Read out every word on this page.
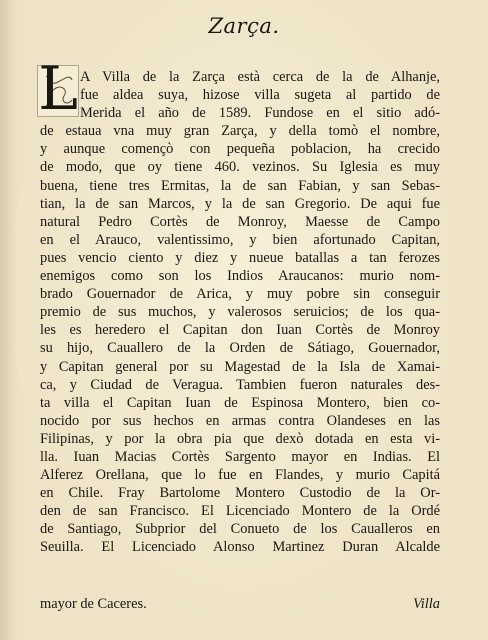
Zarça.
L A Villa de la Zarça està cerca de la de Alhanje,
fue aldea suya, hizose villa sugeta al partido de
Merida el año de 1589. Fundose en el sitio adó-
de estaua vna muy gran Zarça, y della tomò el nombre,
y aunque començò con pequeña poblacion, ha crecido
de modo, que oy tiene 460. vezinos. Su Iglesia es muy
buena, tiene tres Ermitas, la de san Fabian, y san Sebas-
tian, la de san Marcos, y la de san Gregorio. De aqui fue
natural Pedro Cortès de Monroy, Maesse de Campo
en el Arauco, valentissimo, y bien afortunado Capitan,
pues vencio ciento y diez y nueue batallas a tan ferozes
enemigos como son los Indios Araucanos: murio nom-
brado Gouernador de Arica, y muy pobre sin conseguir
premio de sus muchos, y valerosos seruicios; de los qua-
les es heredero el Capitan don Iuan Cortès de Monroy
su hijo, Cauallero de la Orden de Sátiago, Gouernador,
y Capitan general por su Magestad de la Isla de Xamai-
ca, y Ciudad de Veragua. Tambien fueron naturales des-
ta villa el Capitan Iuan de Espinosa Montero, bien co-
nocido por sus hechos en armas contra Olandeses en las
Filipinas, y por la obra pia que dexò dotada en esta vi-
lla. Iuan Macias Cortès Sargento mayor en Indias. El
Alferez Orellana, que lo fue en Flandes, y murio Capitá
en Chile. Fray Bartolome Montero Custodio de la Or-
den de san Francisco. El Licenciado Montero de la Ordé
de Santiago, Subprior del Conueto de los Caualleros en
Seuilla. El Licenciado Alonso Martinez Duran Alcalde
mayor de Caceres.	Villa
